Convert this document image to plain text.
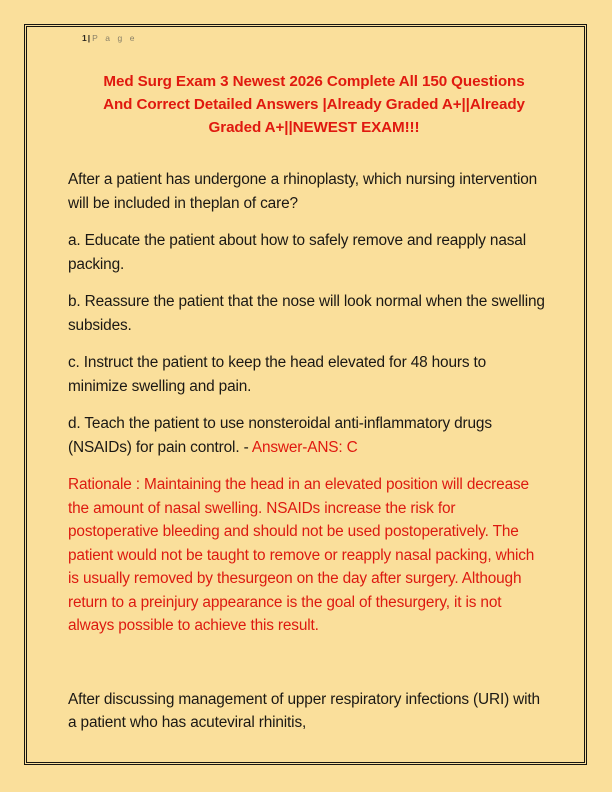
1| P a g e
Med Surg Exam 3 Newest 2026 Complete All 150 Questions And Correct Detailed Answers |Already Graded A+||Already Graded A+||NEWEST EXAM!!!

After a patient has undergone a rhinoplasty, which nursing intervention will be included in theplan of care?

a. Educate the patient about how to safely remove and reapply nasal packing.

b. Reassure the patient that the nose will look normal when the swelling subsides.

c. Instruct the patient to keep the head elevated for 48 hours to minimize swelling and pain.

d. Teach the patient to use nonsteroidal anti-inflammatory drugs (NSAIDs) for pain control. - Answer-ANS: C

Rationale : Maintaining the head in an elevated position will decrease the amount of nasal swelling. NSAIDs increase the risk for postoperative bleeding and should not be used postoperatively. The patient would not be taught to remove or reapply nasal packing, which is usually removed by thesurgeon on the day after surgery. Although return to a preinjury appearance is the goal of thesurgery, it is not always possible to achieve this result.

After discussing management of upper respiratory infections (URI) with a patient who has acuteviral rhinitis,
